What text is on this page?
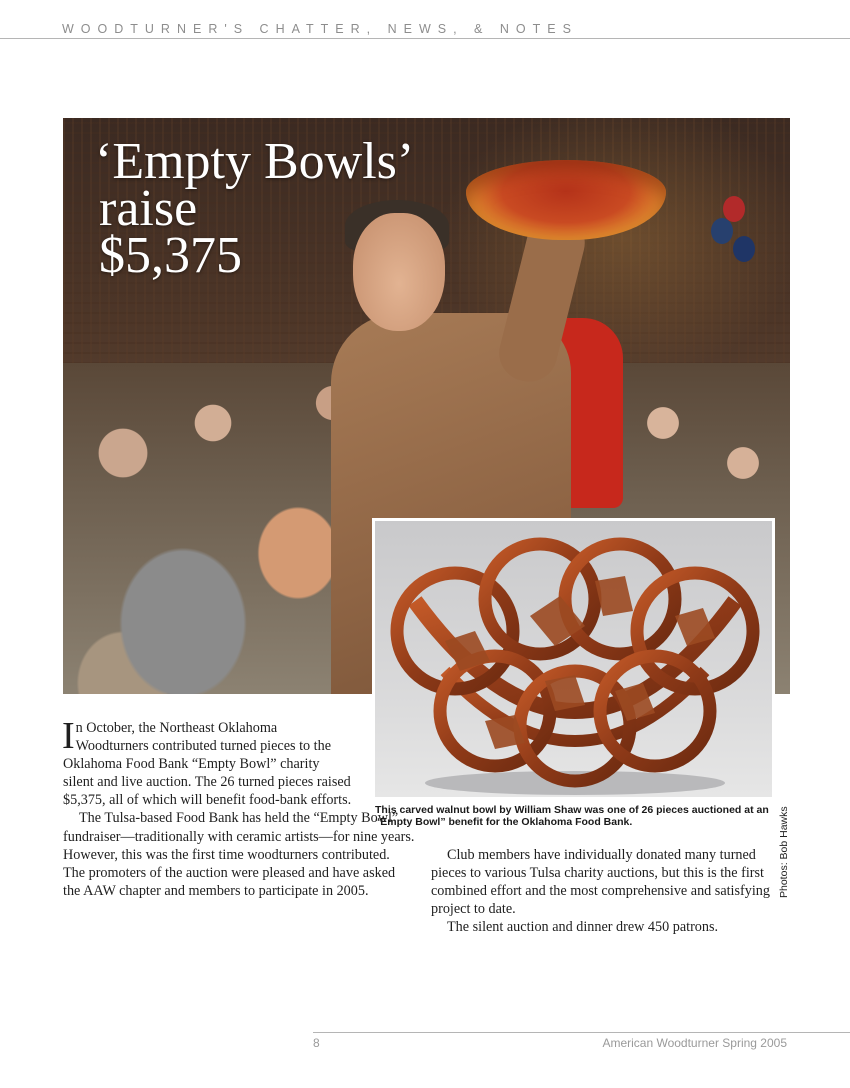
WOODTURNER'S CHATTER, NEWS, & NOTES
‘Empty Bowls’
raise
$5,375
Photos: Bob Hawks
This carved walnut bowl by William Shaw was one of 26 pieces auctioned at an “Empty Bowl” benefit for the Oklahoma Food Bank.

In October, the Northeast Oklahoma Woodturners contributed turned pieces to the Oklahoma Food Bank “Empty Bowl” charity silent and live auction. The 26 turned pieces raised $5,375, all of which will benefit food-bank efforts.

The Tulsa-based Food Bank has held the “Empty Bowl” fundraiser—traditionally with ceramic artists—for nine years. However, this was the first time woodturners contributed. The promoters of the auction were pleased and have asked the AAW chapter and members to participate in 2005.

Club members have individually donated many turned pieces to various Tulsa charity auctions, but this is the first combined effort and the most comprehensive and satisfying project to date.

The silent auction and dinner drew 450 patrons.

8	American Woodturner Spring 2005
